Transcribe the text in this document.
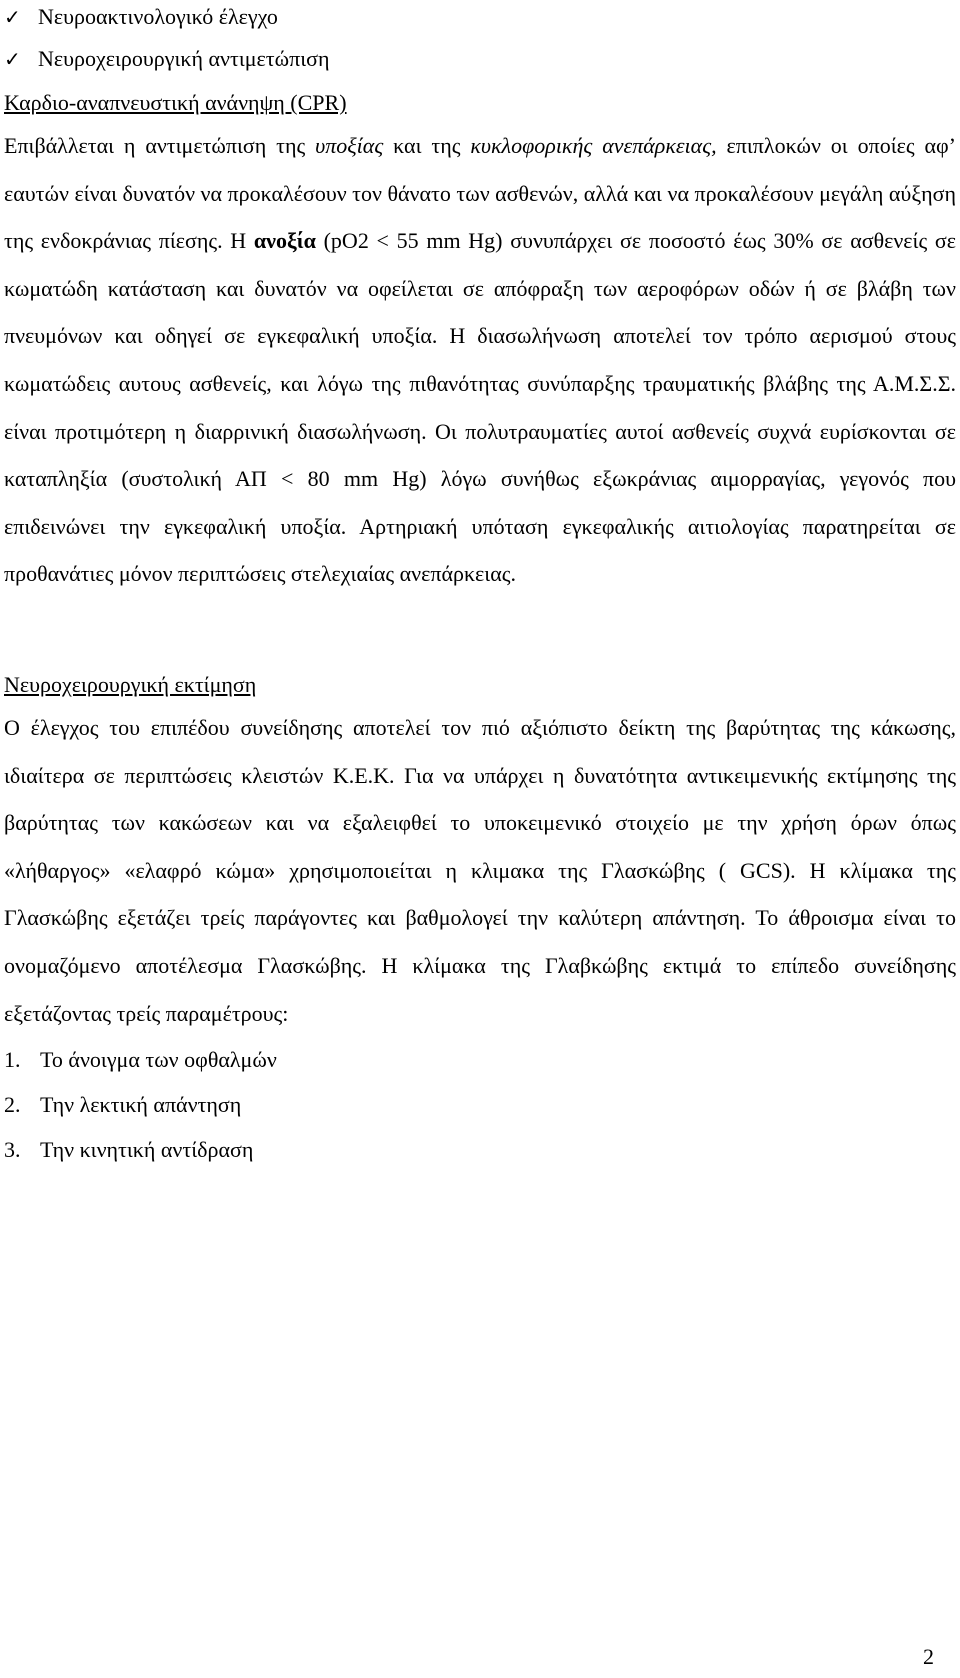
✓ Νευροακτινολογικό έλεγχο
✓ Νευροχειρουργική αντιμετώπιση
Καρδιο-αναπνευστική ανάνηψη (CPR)

Επιβάλλεται η αντιμετώπιση της υποξίας και της κυκλοφορικής ανεπάρκειας, επιπλοκών οι οποίες αφ’ εαυτών είναι δυνατόν να προκαλέσουν τον θάνατο των ασθενών, αλλά και να προκαλέσουν μεγάλη αύξηση της ενδοκράνιας πίεσης. Η ανοξία (pO2 < 55 mm Hg) συνυπάρχει σε ποσοστό έως 30% σε ασθενείς σε κωματώδη κατάσταση και δυνατόν να οφείλεται σε απόφραξη των αεροφόρων οδών ή σε βλάβη των πνευμόνων και οδηγεί σε εγκεφαλική υποξία. Η διασωλήνωση αποτελεί τον τρόπο αερισμού στους κωματώδεις αυτους ασθενείς, και λόγω της πιθανότητας συνύπαρξης τραυματικής βλάβης της Α.Μ.Σ.Σ. είναι προτιμότερη η διαρρινική διασωλήνωση. Οι πολυτραυματίες αυτοί ασθενείς συχνά ευρίσκονται σε καταπληξία (συστολική ΑΠ < 80 mm Hg) λόγω συνήθως εξωκράνιας αιμορραγίας, γεγονός που επιδεινώνει την εγκεφαλική υποξία. Αρτηριακή υπόταση εγκεφαλικής αιτιολογίας παρατηρείται σε προθανάτιες μόνον περιπτώσεις στελεχιαίας ανεπάρκειας.

Νευροχειρουργική εκτίμηση

Ο έλεγχος του επιπέδου συνείδησης αποτελεί τον πιό αξιόπιστο δείκτη της βαρύτητας της κάκωσης, ιδιαίτερα σε περιπτώσεις κλειστών Κ.Ε.Κ. Για να υπάρχει η δυνατότητα αντικειμενικής εκτίμησης της βαρύτητας των κακώσεων και να εξαλειφθεί το υποκειμενικό στοιχείο με την χρήση όρων όπως «λήθαργος» «ελαφρό κώμα» χρησιμοποιείται η κλιμακα της Γλασκώβης ( GCS). Η κλίμακα της Γλασκώβης εξετάζει τρείς παράγοντες και βαθμολογεί την καλύτερη απάντηση. Το άθροισμα είναι το ονομαζόμενο αποτέλεσμα Γλασκώβης. Η κλίμακα της Γλαβκώβης εκτιμά το επίπεδο συνείδησης εξετάζοντας τρείς παραμέτρους:

1. Το άνοιγμα των οφθαλμών
2. Την λεκτική απάντηση
3. Την κινητική αντίδραση
2
